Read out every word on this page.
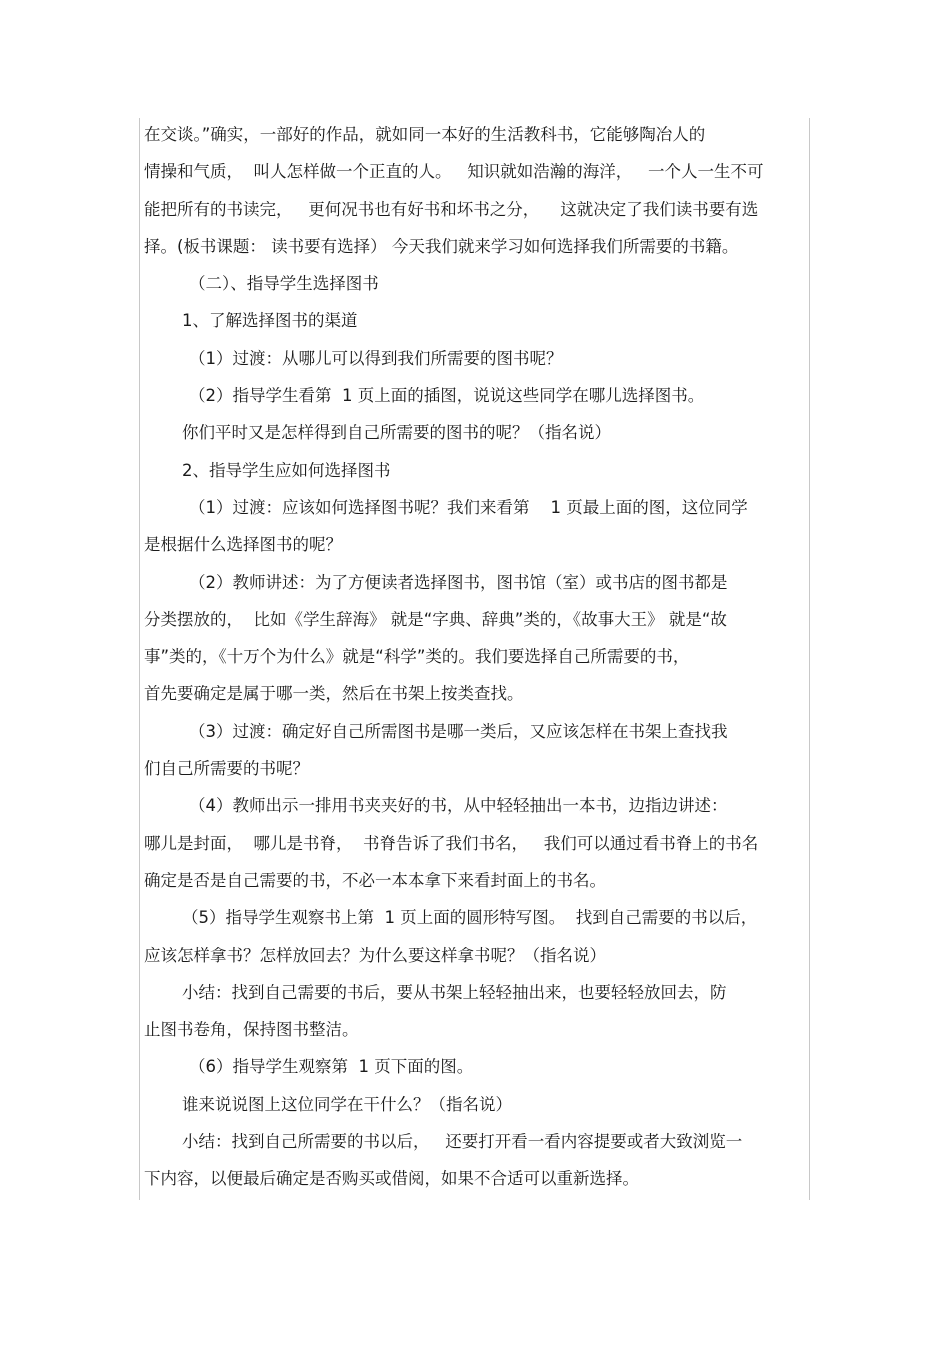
在交谈。”确实，一部好的作品，就如同一本好的生活教科书，它能够陶冶人的
情操和气质，  叫人怎样做一个正直的人。   知识就如浩瀚的海洋，   一个人一生不可
能把所有的书读完，   更何况书也有好书和坏书之分，    这就决定了我们读书要有选
择。(板书课题： 读书要有选择） 今天我们就来学习如何选择我们所需要的书籍。
（二）、指导学生选择图书
1、了解选择图书的渠道
（1）过渡：从哪儿可以得到我们所需要的图书呢？
（2）指导学生看第  1 页上面的插图，说说这些同学在哪儿选择图书。
你们平时又是怎样得到自己所需要的图书的呢？（指名说）
2、指导学生应如何选择图书
（1）过渡：应该如何选择图书呢？我们来看第    1 页最上面的图，这位同学
是根据什么选择图书的呢？
（2）教师讲述：为了方便读者选择图书，图书馆（室）或书店的图书都是
分类摆放的，  比如《学生辞海》 就是“字典、辞典”类的，《故事大王》 就是“故
事”类的，《十万个为什么》就是“科学”类的。我们要选择自己所需要的书，
首先要确定是属于哪一类，然后在书架上按类查找。
（3）过渡：确定好自己所需图书是哪一类后，又应该怎样在书架上查找我
们自己所需要的书呢？
（4）教师出示一排用书夹夹好的书，从中轻轻抽出一本书，边指边讲述：
哪儿是封面，  哪儿是书脊，  书脊告诉了我们书名，   我们可以通过看书脊上的书名
确定是否是自己需要的书，不必一本本拿下来看封面上的书名。
（5）指导学生观察书上第  1 页上面的圆形特写图。  找到自己需要的书以后，
应该怎样拿书？怎样放回去？为什么要这样拿书呢？（指名说）
小结：找到自己需要的书后，要从书架上轻轻抽出来，也要轻轻放回去，防
止图书卷角，保持图书整洁。
（6）指导学生观察第  1 页下面的图。
谁来说说图上这位同学在干什么？（指名说）
小结：找到自己所需要的书以后，   还要打开看一看内容提要或者大致浏览一
下内容，以便最后确定是否购买或借阅，如果不合适可以重新选择。
